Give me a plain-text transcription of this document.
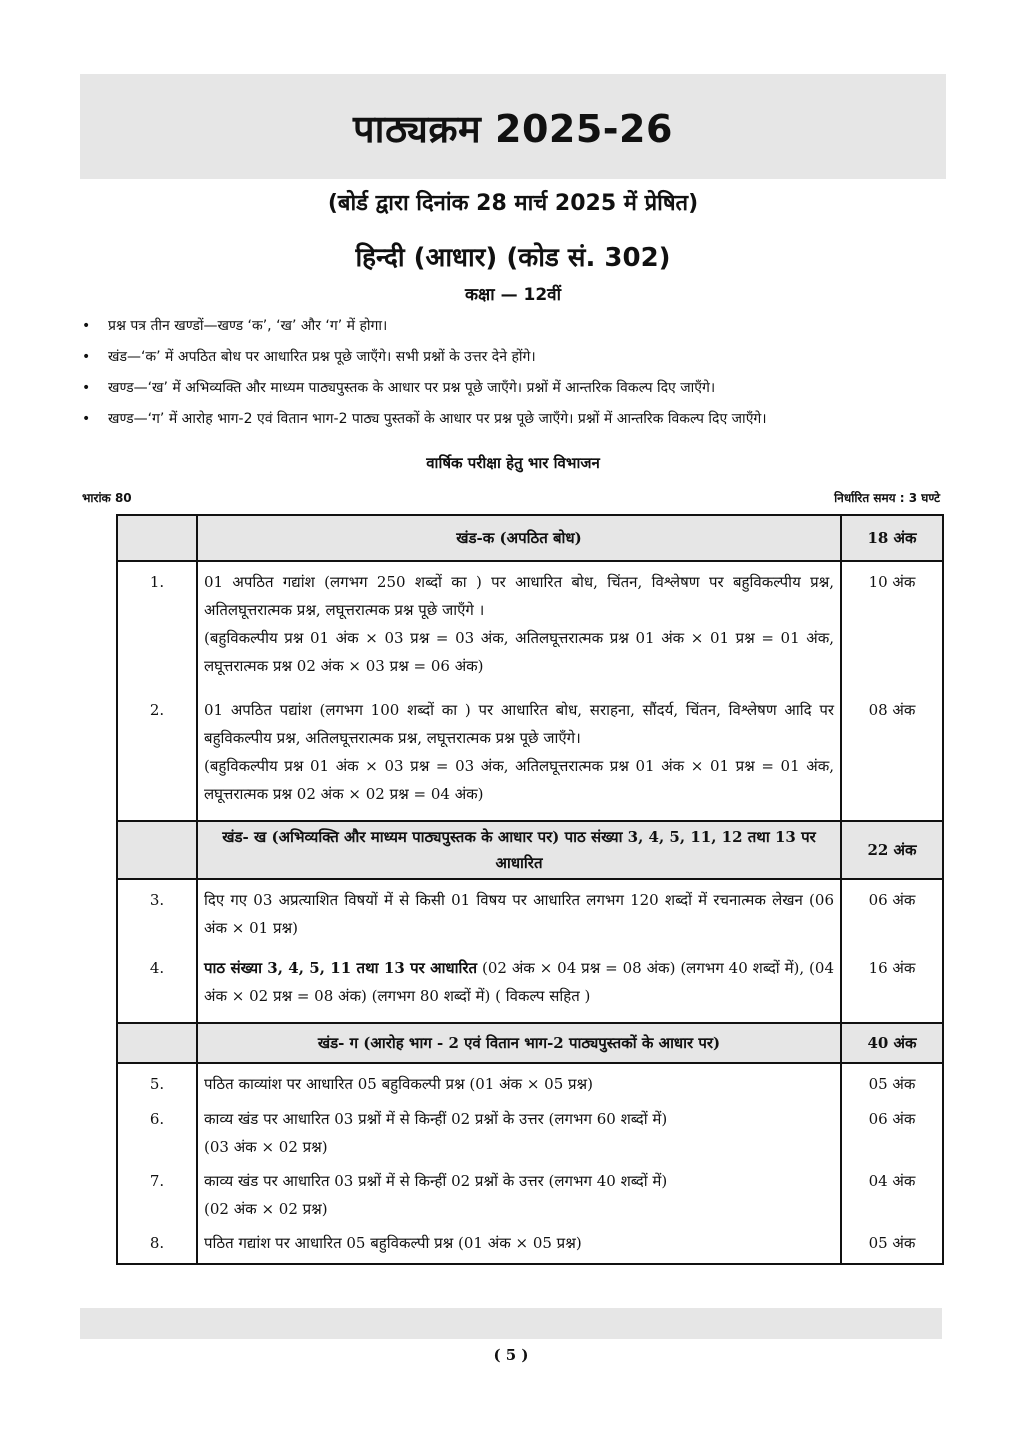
पाठ्यक्रम 2025-26
(बोर्ड द्वारा दिनांक 28 मार्च 2025 में प्रेषित)
हिन्दी (आधार) (कोड सं. 302)
कक्षा — 12वीं
• प्रश्न पत्र तीन खण्डों—खण्ड ‘क’, ‘ख’ और ‘ग’ में होगा।
• खंड—‘क’ में अपठित बोध पर आधारित प्रश्न पूछे जाएँगे। सभी प्रश्नों के उत्तर देने होंगे।
• खण्ड—‘ख’ में अभिव्यक्ति और माध्यम पाठ्यपुस्तक के आधार पर प्रश्न पूछे जाएँगे। प्रश्नों में आन्तरिक विकल्प दिए जाएँगे।
• खण्ड—‘ग’ में आरोह भाग-2 एवं वितान भाग-2 पाठ्य पुस्तकों के आधार पर प्रश्न पूछे जाएँगे। प्रश्नों में आन्तरिक विकल्प दिए जाएँगे।
वार्षिक परीक्षा हेतु भार विभाजन
भारांक 80	निर्धारित समय : 3 घण्टे
	खंड-क (अपठित बोध)	18 अंक
1.	01 अपठित गद्यांश (लगभग 250 शब्दों का ) पर आधारित बोध, चिंतन, विश्लेषण पर बहुविकल्पीय प्रश्न, अतिलघूत्तरात्मक प्रश्न, लघूत्तरात्मक प्रश्न पूछे जाएँगे ।
(बहुविकल्पीय प्रश्न 01 अंक × 03 प्रश्न = 03 अंक, अतिलघूत्तरात्मक प्रश्न 01 अंक × 01 प्रश्न = 01 अंक, लघूत्तरात्मक प्रश्न 02 अंक × 03 प्रश्न = 06 अंक)	10 अंक
2.	01 अपठित पद्यांश (लगभग 100 शब्दों का ) पर आधारित बोध, सराहना, सौंदर्य, चिंतन, विश्लेषण आदि पर बहुविकल्पीय प्रश्न, अतिलघूत्तरात्मक प्रश्न, लघूत्तरात्मक प्रश्न पूछे जाएँगे।
(बहुविकल्पीय प्रश्न 01 अंक × 03 प्रश्न = 03 अंक, अतिलघूत्तरात्मक प्रश्न 01 अंक × 01 प्रश्न = 01 अंक, लघूत्तरात्मक प्रश्न 02 अंक × 02 प्रश्न = 04 अंक)	08 अंक
	खंड- ख (अभिव्यक्ति और माध्यम पाठ्यपुस्तक के आधार पर) पाठ संख्या 3, 4, 5, 11, 12 तथा 13 पर आधारित	22 अंक
3.	दिए गए 03 अप्रत्याशित विषयों में से किसी 01 विषय पर आधारित लगभग 120 शब्दों में रचनात्मक लेखन (06 अंक × 01 प्रश्न)	06 अंक
4.	पाठ संख्या 3, 4, 5, 11 तथा 13 पर आधारित (02 अंक × 04 प्रश्न = 08 अंक) (लगभग 40 शब्दों में), (04 अंक × 02 प्रश्न = 08 अंक) (लगभग 80 शब्दों में) ( विकल्प सहित )	16 अंक
	खंड- ग (आरोह भाग - 2 एवं वितान भाग-2 पाठ्यपुस्तकों के आधार पर)	40 अंक
5.	पठित काव्यांश पर आधारित 05 बहुविकल्पी प्रश्न (01 अंक × 05 प्रश्न)	05 अंक
6.	काव्य खंड पर आधारित 03 प्रश्नों में से किन्हीं 02 प्रश्नों के उत्तर (लगभग 60 शब्दों में)
(03 अंक × 02 प्रश्न)	06 अंक
7.	काव्य खंड पर आधारित 03 प्रश्नों में से किन्हीं 02 प्रश्नों के उत्तर (लगभग 40 शब्दों में)
(02 अंक × 02 प्रश्न)	04 अंक
8.	पठित गद्यांश पर आधारित 05 बहुविकल्पी प्रश्न (01 अंक × 05 प्रश्न)	05 अंक
( 5 )
